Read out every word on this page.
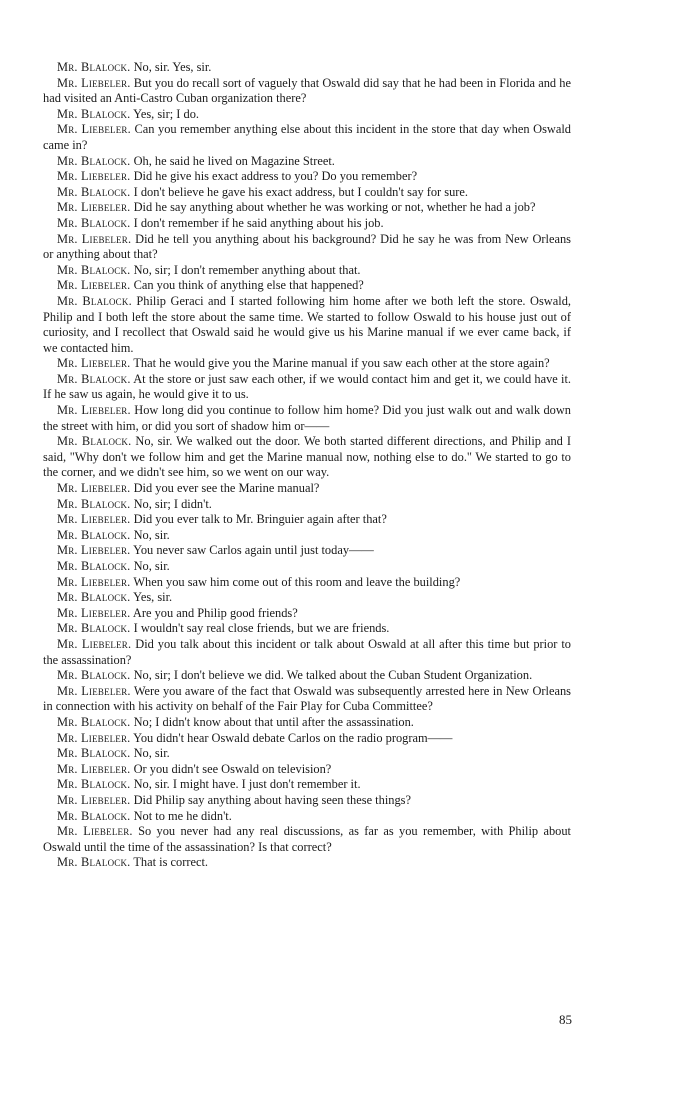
Mr. Blalock. No, sir. Yes, sir.

Mr. Liebeler. But you do recall sort of vaguely that Oswald did say that he had been in Florida and he had visited an Anti-Castro Cuban organization there?

Mr. Blalock. Yes, sir; I do.

Mr. Liebeler. Can you remember anything else about this incident in the store that day when Oswald came in?

Mr. Blalock. Oh, he said he lived on Magazine Street.

Mr. Liebeler. Did he give his exact address to you? Do you remember?

Mr. Blalock. I don't believe he gave his exact address, but I couldn't say for sure.

Mr. Liebeler. Did he say anything about whether he was working or not, whether he had a job?

Mr. Blalock. I don't remember if he said anything about his job.

Mr. Liebeler. Did he tell you anything about his background? Did he say he was from New Orleans or anything about that?

Mr. Blalock. No, sir; I don't remember anything about that.

Mr. Liebeler. Can you think of anything else that happened?

Mr. Blalock. Philip Geraci and I started following him home after we both left the store. Oswald, Philip and I both left the store about the same time. We started to follow Oswald to his house just out of curiosity, and I recollect that Oswald said he would give us his Marine manual if we ever came back, if we contacted him.

Mr. Liebeler. That he would give you the Marine manual if you saw each other at the store again?

Mr. Blalock. At the store or just saw each other, if we would contact him and get it, we could have it. If he saw us again, he would give it to us.

Mr. Liebeler. How long did you continue to follow him home? Did you just walk out and walk down the street with him, or did you sort of shadow him or——

Mr. Blalock. No, sir. We walked out the door. We both started different directions, and Philip and I said, "Why don't we follow him and get the Marine manual now, nothing else to do." We started to go to the corner, and we didn't see him, so we went on our way.

Mr. Liebeler. Did you ever see the Marine manual?

Mr. Blalock. No, sir; I didn't.

Mr. Liebeler. Did you ever talk to Mr. Bringuier again after that?

Mr. Blalock. No, sir.

Mr. Liebeler. You never saw Carlos again until just today——

Mr. Blalock. No, sir.

Mr. Liebeler. When you saw him come out of this room and leave the building?

Mr. Blalock. Yes, sir.

Mr. Liebeler. Are you and Philip good friends?

Mr. Blalock. I wouldn't say real close friends, but we are friends.

Mr. Liebeler. Did you talk about this incident or talk about Oswald at all after this time but prior to the assassination?

Mr. Blalock. No, sir; I don't believe we did. We talked about the Cuban Student Organization.

Mr. Liebeler. Were you aware of the fact that Oswald was subsequently arrested here in New Orleans in connection with his activity on behalf of the Fair Play for Cuba Committee?

Mr. Blalock. No; I didn't know about that until after the assassination.

Mr. Liebeler. You didn't hear Oswald debate Carlos on the radio program——

Mr. Blalock. No, sir.

Mr. Liebeler. Or you didn't see Oswald on television?

Mr. Blalock. No, sir. I might have. I just don't remember it.

Mr. Liebeler. Did Philip say anything about having seen these things?

Mr. Blalock. Not to me he didn't.

Mr. Liebeler. So you never had any real discussions, as far as you remember, with Philip about Oswald until the time of the assassination? Is that correct?

Mr. Blalock. That is correct.

85
